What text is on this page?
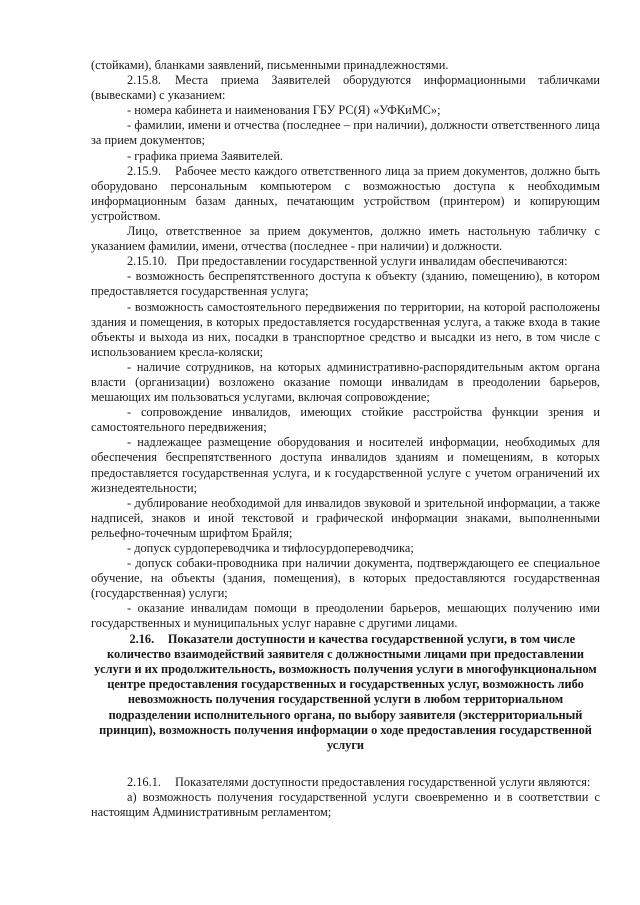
(стойками), бланками заявлений, письменными принадлежностями.

2.15.8. Места приема Заявителей оборудуются информационными табличками (вывесками) с указанием:

- номера кабинета и наименования ГБУ РС(Я) «УФКиМС»;

- фамилии, имени и отчества (последнее – при наличии), должности ответственного лица за прием документов;

- графика приема Заявителей.

2.15.9. Рабочее место каждого ответственного лица за прием документов, должно быть оборудовано персональным компьютером с возможностью доступа к необходимым информационным базам данных, печатающим устройством (принтером) и копирующим устройством.

Лицо, ответственное за прием документов, должно иметь настольную табличку с указанием фамилии, имени, отчества (последнее - при наличии) и должности.

2.15.10. При предоставлении государственной услуги инвалидам обеспечиваются:

- возможность беспрепятственного доступа к объекту (зданию, помещению), в котором предоставляется государственная услуга;

- возможность самостоятельного передвижения по территории, на которой расположены здания и помещения, в которых предоставляется государственная услуга, а также входа в такие объекты и выхода из них, посадки в транспортное средство и высадки из него, в том числе с использованием кресла-коляски;

- наличие сотрудников, на которых административно-распорядительным актом органа власти (организации) возложено оказание помощи инвалидам в преодолении барьеров, мешающих им пользоваться услугами, включая сопровождение;

- сопровождение инвалидов, имеющих стойкие расстройства функции зрения и самостоятельного передвижения;

- надлежащее размещение оборудования и носителей информации, необходимых для обеспечения беспрепятственного доступа инвалидов зданиям и помещениям, в которых предоставляется государственная услуга, и к государственной услуге с учетом ограничений их жизнедеятельности;

- дублирование необходимой для инвалидов звуковой и зрительной информации, а также надписей, знаков и иной текстовой и графической информации знаками, выполненными рельефно-точечным шрифтом Брайля;

- допуск сурдопереводчика и тифлосурдопереводчика;

- допуск собаки-проводника при наличии документа, подтверждающего ее специальное обучение, на объекты (здания, помещения), в которых предоставляются государственная (государственная) услуги;

- оказание инвалидам помощи в преодолении барьеров, мешающих получению ими государственных и муниципальных услуг наравне с другими лицами.

2.16. Показатели доступности и качества государственной услуги, в том числе количество взаимодействий заявителя с должностными лицами при предоставлении услуги и их продолжительность, возможность получения услуги в многофункциональном центре предоставления государственных и государственных услуг, возможность либо невозможность получения государственной услуги в любом территориальном подразделении исполнительного органа, по выбору заявителя (экстерриториальный принцип), возможность получения информации о ходе предоставления государственной услуги

2.16.1. Показателями доступности предоставления государственной услуги являются:

а) возможность получения государственной услуги своевременно и в соответствии с настоящим Административным регламентом;
